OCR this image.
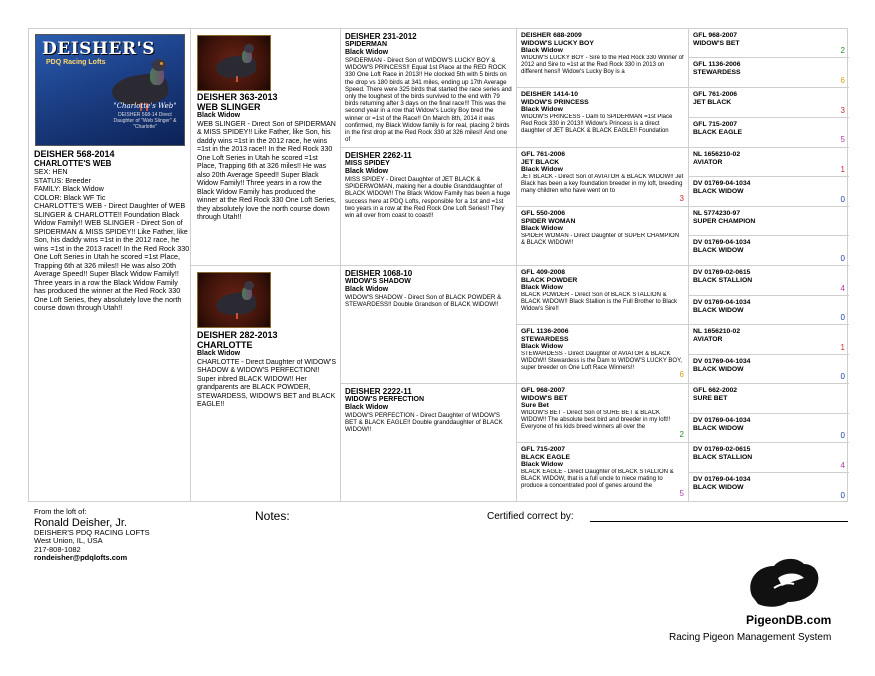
DEISHER'S
PDQ Racing Lofts
"Charlotte's Web"
DEISHER 568-14 Direct Daughter of "Web Slinger" & "Charlotte"
DEISHER 568-2014
CHARLOTTE'S WEB
SEX: HEN
STATUS: Breeder
FAMILY: Black Widow
COLOR: Black WF Tic
CHARLOTTE'S WEB - Direct Daughter of WEB SLINGER & CHARLOTTE!! Foundation Black Widow Family!! WEB SLINGER - Direct Son of SPIDERMAN & MISS SPIDEY!! Like Father, like Son, his daddy wins =1st in the 2012 race, he wins =1st in the 2013 race!! In the Red Rock 330 One Loft Series in Utah he scored =1st Place, Trapping 6th at 326 miles!! He was also 20th Average Speed!! Super Black Widow Family!! Three years in a row the Black Widow Family has produced the winner at the Red Rock 330 One Loft Series, they absolutely love the north course down through Utah!!
DEISHER 363-2013
WEB SLINGER
Black Widow
WEB SLINGER - Direct Son of SPIDERMAN & MISS SPIDEY!! Like Father, like Son, his daddy wins =1st in the 2012 race, he wins =1st in the 2013 race!! In the Red Rock 330 One Loft Series in Utah he scored =1st Place, Trapping 6th at 326 miles!! He was also 20th Average Speed!! Super Black Widow Family!! Three years in a row the Black Widow Family has produced the winner at the Red Rock 330 One Loft Series, they absolutely love the north course down through Utah!!
DEISHER 282-2013
CHARLOTTE
Black Widow
CHARLOTTE - Direct Daughter of WIDOW'S SHADOW & WIDOW'S PERFECTION!! Super inbred BLACK WIDOW!! Her grandparents are BLACK POWDER, STEWARDESS, WIDOW'S BET and BLACK EAGLE!!
DEISHER 231-2012
SPIDERMAN
Black Widow
SPIDERMAN - Direct Son of WIDOW'S LUCKY BOY & WIDOW'S PRINCESS!! Equal 1st Place at the RED ROCK 330 One Loft Race in 2013!! He clocked 5th with 5 birds on the drop vs 180 birds at 341 miles, ending up 17th Average Speed. There were 325 birds that started the race series and only the toughest of the birds survived to the end with 79 birds returning after 3 days on the final race!!! This was the second year in a row that Widow's Lucky Boy bred the winner or =1st of the Race!! On March 8th, 2014 it was confirmed, my Black Widow family is for real, placing 2 birds in the first drop at the Red Rock 330 at 326 miles!! And one of
DEISHER 2262-11
MISS SPIDEY
Black Widow
MISS SPIDEY - Direct Daughter of JET BLACK & SPIDERWOMAN, making her a double Granddaughter of BLACK WIDOW!! The Black Widow Family has been a huge success here at PDQ Lofts, responsible for a 1st and =1st two years in a row at the Red Rock One Loft Series!! They win all over from coast to coast!!
DEISHER 1068-10
WIDOW'S SHADOW
Black Widow
WIDOW'S SHADOW - Direct Son of BLACK POWDER & STEWARDESS!! Double Grandson of BLACK WIDOW!!
DEISHER 2222-11
WIDOW'S PERFECTION
Black Widow
WIDOW'S PERFECTION - Direct Daughter of WIDOW'S BET & BLACK EAGLE!! Double granddaughter of BLACK WIDOW!!
DEISHER 688-2009
WIDOW'S LUCKY BOY
Black Widow
WIDOW'S LUCKY BOY - Sire to the Red Rock 330 Winner of 2012 and Sire to =1st at the Red Rock 330 in 2013 on different hens!! Widow's Lucky Boy is a
DEISHER 1414-10
WIDOW'S PRINCESS
Black Widow
WIDOW'S PRINCESS - Dam to SPIDERMAN =1st Place Red Rock 330 in 2013!! Widow's Princess is a direct daughter of JET BLACK & BLACK EAGLE!! Foundation
GFL 761-2006
JET BLACK
Black Widow
JET BLACK - Direct Son of AVIATOR & BLACK WIDOW!! Jet Black has been a key foundation breeder in my loft, breeding many children who have went on to
3
GFL 550-2006
SPIDER WOMAN
Black Widow
SPIDER WOMAN - Direct Daughter of SUPER CHAMPION & BLACK WIDOW!!
GFL 409-2008
BLACK POWDER
Black Widow
BLACK POWDER - Direct Son of BLACK STALLION & BLACK WIDOW!! Black Stallion is the Full Brother to Black Widow's Sire!!
GFL 1136-2006
STEWARDESS
Black Widow
STEWARDESS - Direct Daughter of AVIATOR & BLACK WIDOW!! Stewardess is the Dam to WIDOW'S LUCKY BOY, super breeder on One Loft Race Winners!!
6
GFL 968-2007
WIDOW'S BET
Sure Bet
WIDOW'S BET - Direct Son of SURE BET & BLACK WIDOW!! The absolute best bird and breeder in my loft!! Everyone of his kids breed winners all over the
2
GFL 715-2007
BLACK EAGLE
Black Widow
BLACK EAGLE - Direct Daughter of BLACK STALLION & BLACK WIDOW, that is a full uncle to niece mating to produce a concentrated pool of genes around the
5
GFL 968-2007
WIDOW'S BET
2
GFL 1136-2006
STEWARDESS
6
GFL 761-2006
JET BLACK
3
GFL 715-2007
BLACK EAGLE
5
NL 1656210-02
AVIATOR
1
DV 01769-04-1034
BLACK WIDOW
0
NL 5774230-97
SUPER CHAMPION
DV 01769-04-1034
BLACK WIDOW
0
DV 01769-02-0615
BLACK STALLION
4
DV 01769-04-1034
BLACK WIDOW
0
NL 1656210-02
AVIATOR
1
DV 01769-04-1034
BLACK WIDOW
0
GFL 662-2002
SURE BET
DV 01769-04-1034
BLACK WIDOW
0
DV 01769-02-0615
BLACK STALLION
4
DV 01769-04-1034
BLACK WIDOW
0
From the loft of:
Ronald Deisher, Jr.
DEISHER'S PDQ RACING LOFTS
West Union, IL, USA
217-808-1082
rondeisher@pdqlofts.com
Notes:	Certified correct by:
PigeonDB.com
Racing Pigeon Management System
